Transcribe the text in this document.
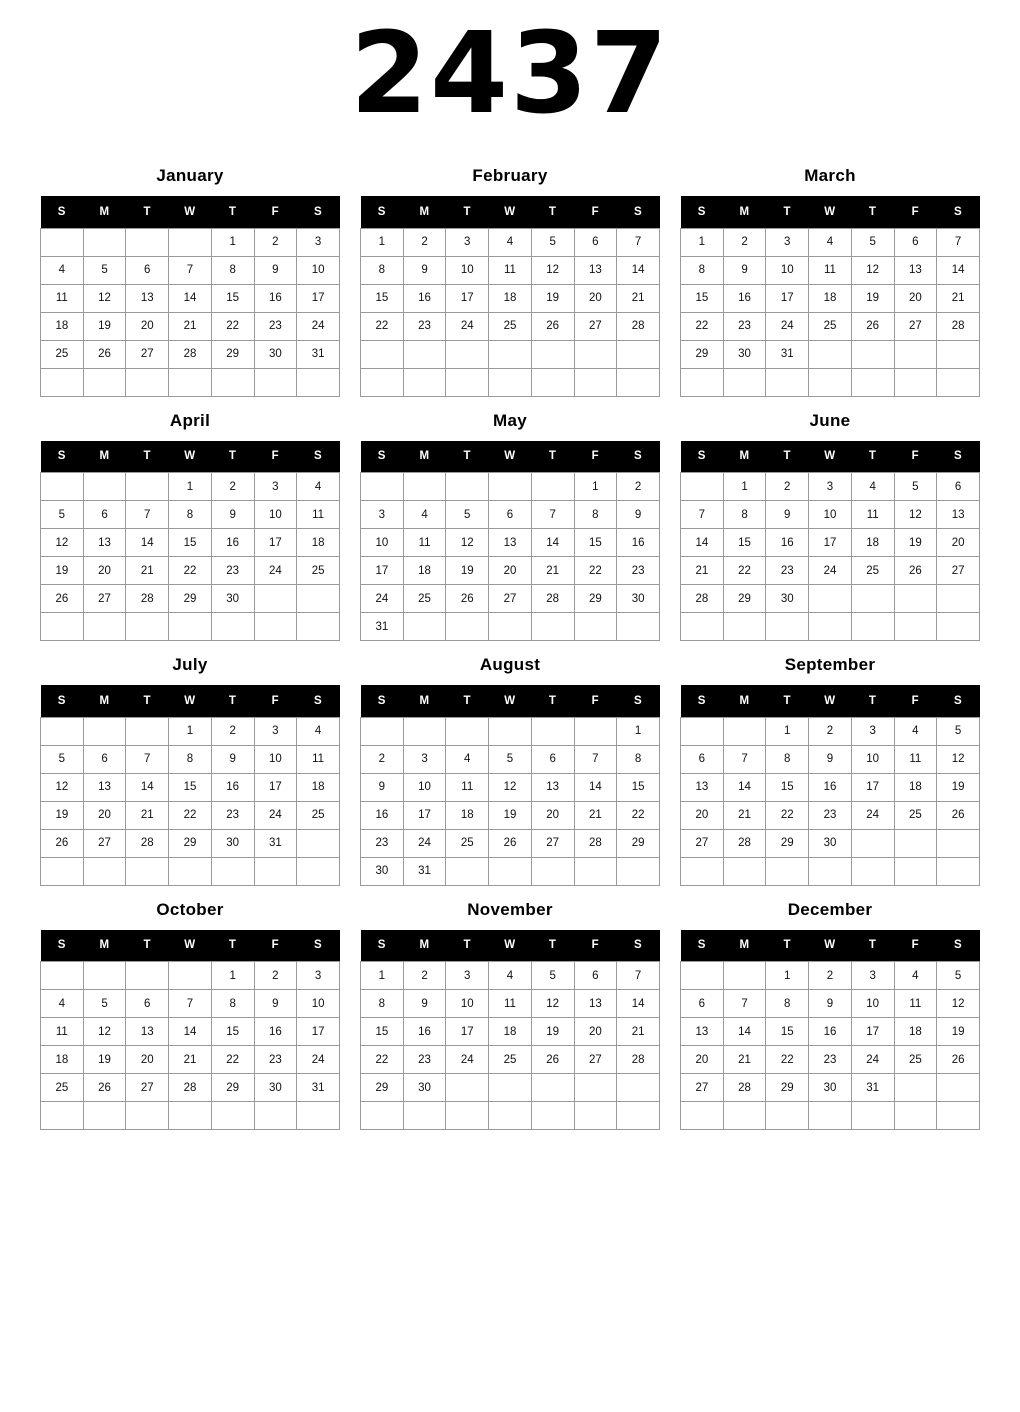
2437
January
S	M	T	W	T	F	S
				1	2	3
4	5	6	7	8	9	10
11	12	13	14	15	16	17
18	19	20	21	22	23	24
25	26	27	28	29	30	31

February
S	M	T	W	T	F	S
1	2	3	4	5	6	7
8	9	10	11	12	13	14
15	16	17	18	19	20	21
22	23	24	25	26	27	28

March
S	M	T	W	T	F	S
1	2	3	4	5	6	7
8	9	10	11	12	13	14
15	16	17	18	19	20	21
22	23	24	25	26	27	28
29	30	31				

April
S	M	T	W	T	F	S
			1	2	3	4
5	6	7	8	9	10	11
12	13	14	15	16	17	18
19	20	21	22	23	24	25
26	27	28	29	30		

May
S	M	T	W	T	F	S
					1	2
3	4	5	6	7	8	9
10	11	12	13	14	15	16
17	18	19	20	21	22	23
24	25	26	27	28	29	30
31						
June
S	M	T	W	T	F	S
	1	2	3	4	5	6
7	8	9	10	11	12	13
14	15	16	17	18	19	20
21	22	23	24	25	26	27
28	29	30				

July
S	M	T	W	T	F	S
			1	2	3	4
5	6	7	8	9	10	11
12	13	14	15	16	17	18
19	20	21	22	23	24	25
26	27	28	29	30	31	

August
S	M	T	W	T	F	S
						1
2	3	4	5	6	7	8
9	10	11	12	13	14	15
16	17	18	19	20	21	22
23	24	25	26	27	28	29
30	31					
September
S	M	T	W	T	F	S
		1	2	3	4	5
6	7	8	9	10	11	12
13	14	15	16	17	18	19
20	21	22	23	24	25	26
27	28	29	30			

October
S	M	T	W	T	F	S
				1	2	3
4	5	6	7	8	9	10
11	12	13	14	15	16	17
18	19	20	21	22	23	24
25	26	27	28	29	30	31

November
S	M	T	W	T	F	S
1	2	3	4	5	6	7
8	9	10	11	12	13	14
15	16	17	18	19	20	21
22	23	24	25	26	27	28
29	30					

December
S	M	T	W	T	F	S
		1	2	3	4	5
6	7	8	9	10	11	12
13	14	15	16	17	18	19
20	21	22	23	24	25	26
27	28	29	30	31		
